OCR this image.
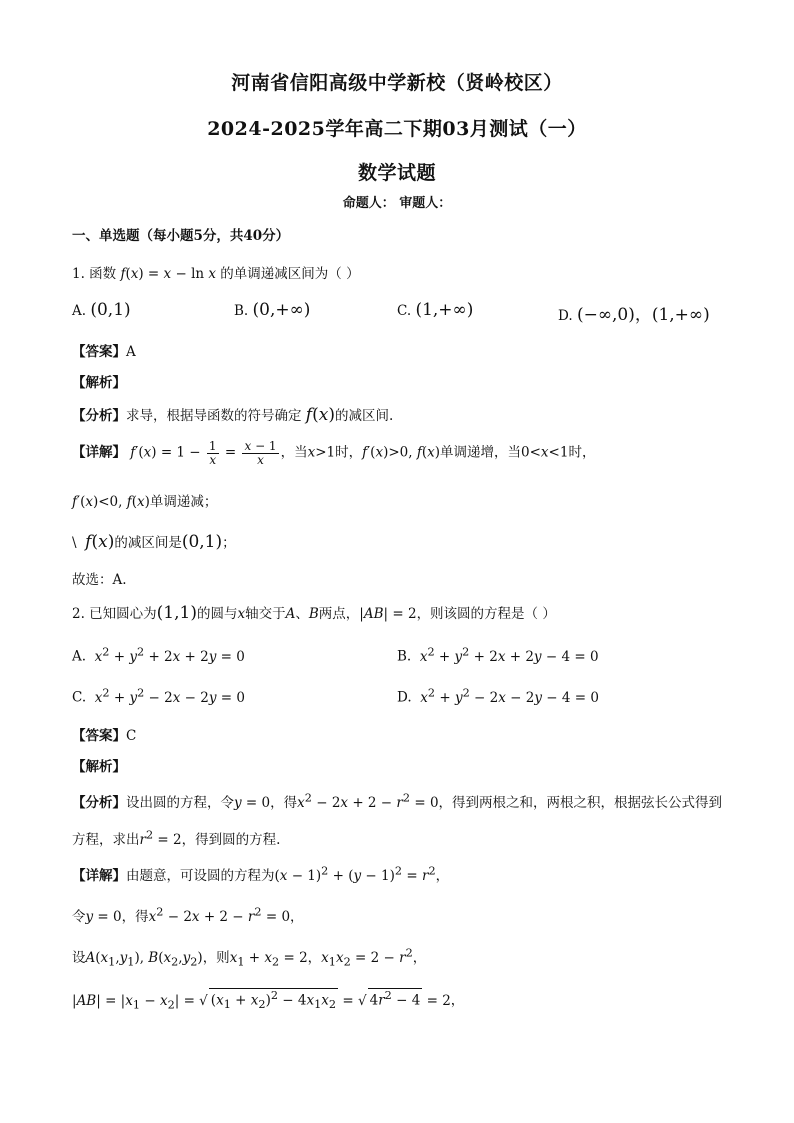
河南省信阳高级中学新校（贤岭校区）
2024-2025学年高二下期03月测试（一）
数学试题
命题人： 审题人：
一、单选题（每小题5分，共40分）
1. 函数 f(x) = x − ln x 的单调递减区间为（ ）
A. (0,1)	B. (0,+∞)	C. (1,+∞)	D. (−∞,0)，(1,+∞)
【答案】A
【解析】
【分析】求导，根据导函数的符号确定 f(x)的减区间.
【详解】 $f'(x) = 1 - \frac{1}{x} = \frac{x - 1}{x}$ ，当x>1时，f′(x)>0, f(x)单调递增，当0<x<1时，
f′(x)<0, f(x)单调递减；
\ f(x)的减区间是(0,1)；
故选：A.
2. 已知圆心为(1,1)的圆与x轴交于A、B两点，|AB| = 2，则该圆的方程是（ ）
A. $x^2 + y^2 + 2x + 2y = 0$	B. $x^2 + y^2 + 2x + 2y - 4 = 0$
C. $x^2 + y^2 - 2x - 2y = 0$	D. $x^2 + y^2 - 2x - 2y - 4 = 0$
【答案】C
【解析】
【分析】设出圆的方程，令y = 0，得$x^2 - 2x + 2 - r^2 = 0$，得到两根之和，两根之积，根据弦长公式得到
方程，求出$r^2 = 2$，得到圆的方程.
【详解】由题意，可设圆的方程为$(x - 1)^2 + (y - 1)^2 = r^2$，
令y = 0，得$x^2 - 2x + 2 - r^2 = 0$，
设$A(x_1,y_1)$, $B(x_2,y_2)$，则$x_1 + x_2 = 2$，$x_1x_2 = 2 - r^2$，
$|AB| = |x_1 - x_2|$ = √ $(x_1 + x_2)^2 - 4x_1x_2$ = √ $4r^2 - 4 = 2$，
